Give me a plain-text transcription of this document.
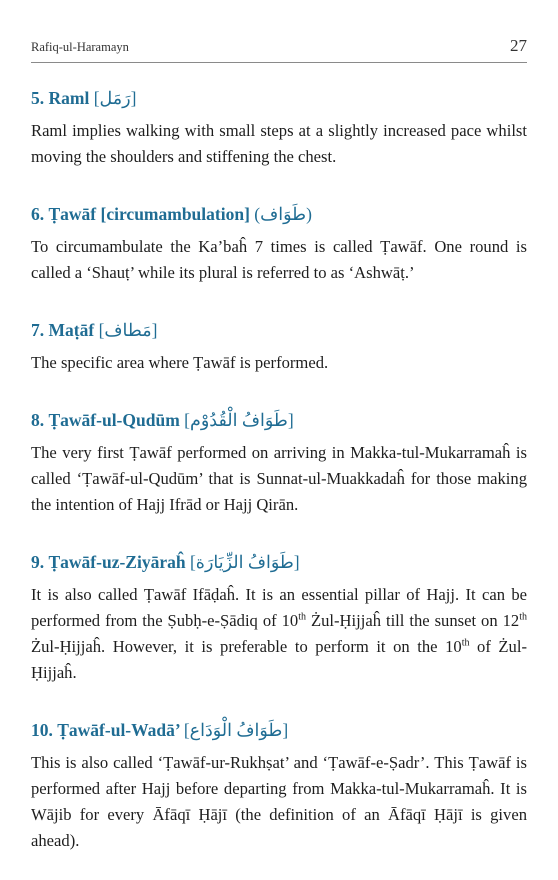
Rafiq-ul-Haramayn	27
5. Raml [رَمَل]

Raml implies walking with small steps at a slightly increased pace whilst moving the shoulders and stiffening the chest.

6. Ṭawāf [circumambulation] (طَوَاف)

To circumambulate the Ka’baĥ 7 times is called Ṭawāf. One round is called a ‘Shauṭ’ while its plural is referred to as ‘Ashwāṭ.’

7. Maṭāf [مَطاف]

The specific area where Ṭawāf is performed.

8. Ṭawāf-ul-Qudūm [طَوَافُ الْقُدُوْم]

The very first Ṭawāf performed on arriving in Makka-tul-Mukarramaĥ is called ‘Ṭawāf-ul-Qudūm’ that is Sunnat-ul-Muakkadaĥ for those making the intention of Hajj Ifrād or Hajj Qirān.

9. Ṭawāf-uz-Ziyāraĥ [طَوَافُ الزِّيَارَة]

It is also called Ṭawāf Ifāḍaĥ. It is an essential pillar of Hajj. It can be performed from the Ṣubḥ-e-Ṣādiq of 10th Żul-Ḥijjaĥ till the sunset on 12th Żul-Ḥijjaĥ. However, it is preferable to perform it on the 10th of Żul-Ḥijjaĥ.

10. Ṭawāf-ul-Wadā’ [طَوَافُ الْوَدَاع]

This is also called ‘Ṭawāf-ur-Rukhṣat’ and ‘Ṭawāf-e-Ṣadr’. This Ṭawāf is performed after Hajj before departing from Makka-tul-Mukarramaĥ. It is Wājib for every Āfāqī Ḥājī (the definition of an Āfāqī Ḥājī is given ahead).
